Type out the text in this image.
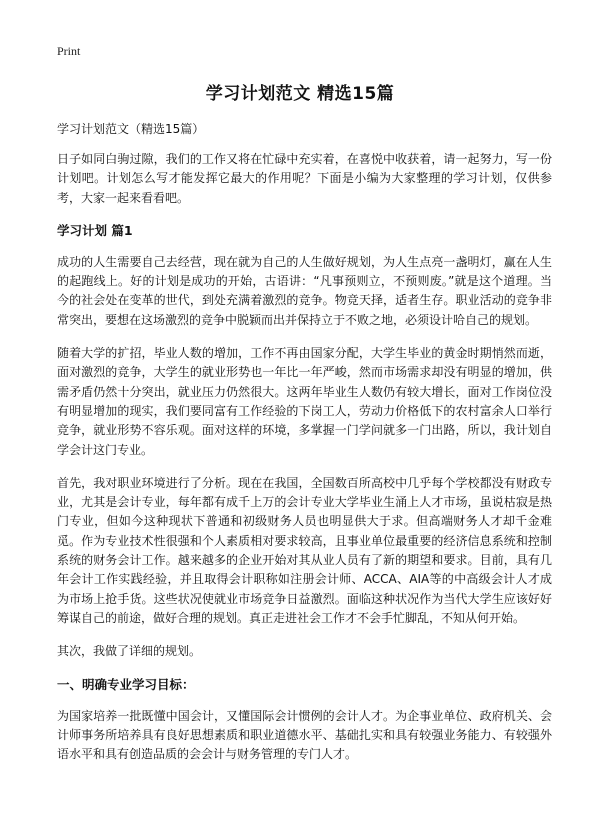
Print
学习计划范文 精选15篇

学习计划范文（精选15篇）

日子如同白驹过隙，我们的工作又将在忙碌中充实着，在喜悦中收获着，请一起努力，写一份计划吧。计划怎么写才能发挥它最大的作用呢？下面是小编为大家整理的学习计划，仅供参考，大家一起来看看吧。

学习计划 篇1

成功的人生需要自己去经营，现在就为自己的人生做好规划，为人生点亮一盏明灯，赢在人生的起跑线上。好的计划是成功的开始，古语讲：“凡事预则立，不预则废。”就是这个道理。当今的社会处在变革的世代，到处充满着激烈的竞争。物竞天择，适者生存。职业活动的竞争非常突出，要想在这场激烈的竞争中脱颖而出并保持立于不败之地，必须设计哈自己的规划。

随着大学的扩招，毕业人数的增加，工作不再由国家分配，大学生毕业的黄金时期悄然而逝，面对激烈的竞争，大学生的就业形势也一年比一年严峻，然而市场需求却没有明显的增加，供需矛盾仍然十分突出，就业压力仍然很大。这两年毕业生人数仍有较大增长，面对工作岗位没有明显增加的现实，我们要同富有工作经验的下岗工人，劳动力价格低下的农村富余人口举行竞争，就业形势不容乐观。面对这样的环境，多掌握一门学问就多一门出路，所以，我计划自学会计这门专业。

首先，我对职业环境进行了分析。现在在我国，全国数百所高校中几乎每个学校都没有财政专业，尤其是会计专业，每年都有成千上万的会计专业大学毕业生涌上人才市场，虽说枯寂是热门专业，但如今这种现状下普通和初级财务人员也明显供大于求。但高端财务人才却千金难觅。作为专业技术性很强和个人素质相对要求较高，且事业单位最重要的经济信息系统和控制系统的财务会计工作。越来越多的企业开始对其从业人员有了新的期望和要求。目前，具有几年会计工作实践经验，并且取得会计职称如注册会计师、ACCA、AIA等的中高级会计人才成为市场上抢手货。这些状况使就业市场竞争日益激烈。面临这种状况作为当代大学生应该好好筹谋自己的前途，做好合理的规划。真正走进社会工作才不会手忙脚乱，不知从何开始。

其次，我做了详细的规划。

一、明确专业学习目标：

为国家培养一批既懂中国会计，又懂国际会计惯例的会计人才。为企事业单位、政府机关、会计师事务所培养具有良好思想素质和职业道德水平、基础扎实和具有较强业务能力、有较强外语水平和具有创造品质的会会计与财务管理的专门人才。
